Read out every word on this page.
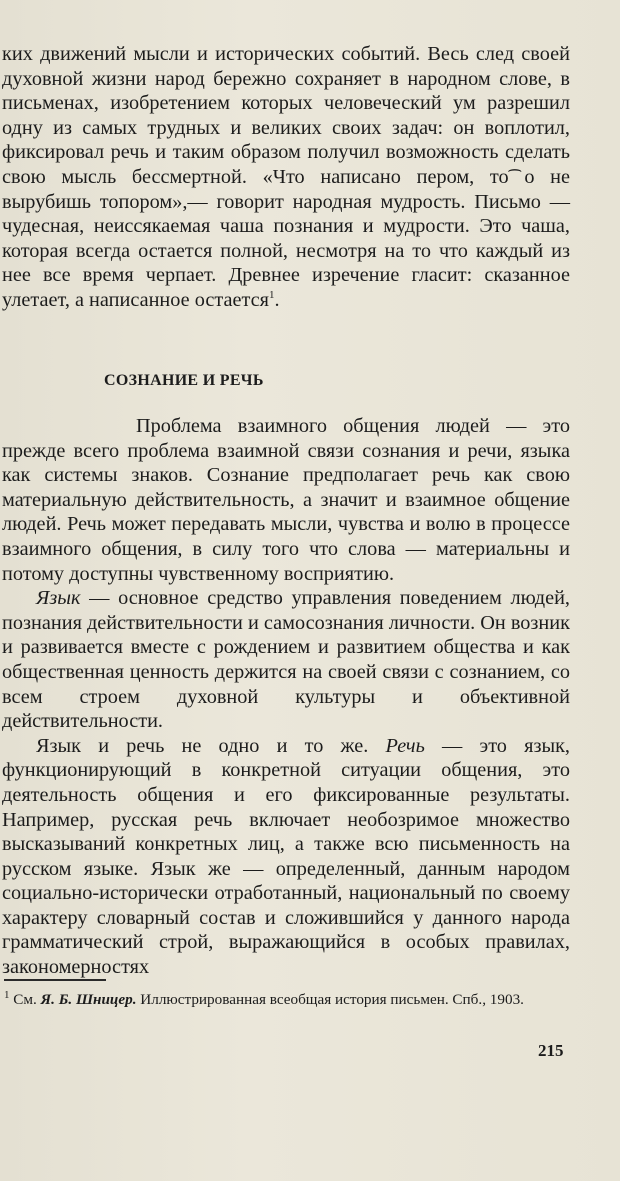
ких движений мысли и исторических событий. Весь след своей духовной жизни народ бережно сохраняет в народном слове, в письменах, изобретением которых человеческий ум разрешил одну из самых трудных и великих своих задач: он воплотил, фиксировал речь и таким образом получил возможность сделать свою мысль бессмертной. «Что написано пером, то͡ о не вырубишь топором»,— говорит народная мудрость. Письмо — чудесная, неиссякаемая чаша познания и мудрости. Это чаша, которая всегда остается полной, несмотря на то что каждый из нее все время черпает. Древнее изречение гласит: сказанное улетает, а написанное остается$^1$.

СОЗНАНИЕ И РЕЧЬ

Проблема взаимного общения людей — это прежде всего проблема взаимной связи сознания и речи, языка как системы знаков. Сознание предполагает речь как свою материальную действительность, а значит и взаимное общение людей. Речь может передавать мысли, чувства и волю в процессе взаимного общения, в силу того что слова — материальны и потому доступны чувственному восприятию.

Язык — основное средство управления поведением людей, познания действительности и самосознания личности. Он возник и развивается вместе с рождением и развитием общества и как общественная ценность держится на своей связи с сознанием, со всем строем духовной культуры и объективной действительности.

Язык и речь не одно и то же. Речь — это язык, функционирующий в конкретной ситуации общения, это деятельность общения и его фиксированные результаты. Например, русская речь включает необозримое множество высказываний конкретных лиц, а также всю письменность на русском языке. Язык же — определенный, данным народом социально-исторически отработанный, национальный по своему характеру словарный состав и сложившийся у данного народа грамматический строй, выражающийся в особых правилах, закономерностях

$^1$ См. Я. Б. Шницер. Иллюстрированная всеобщая история письмен. Спб., 1903.
215
